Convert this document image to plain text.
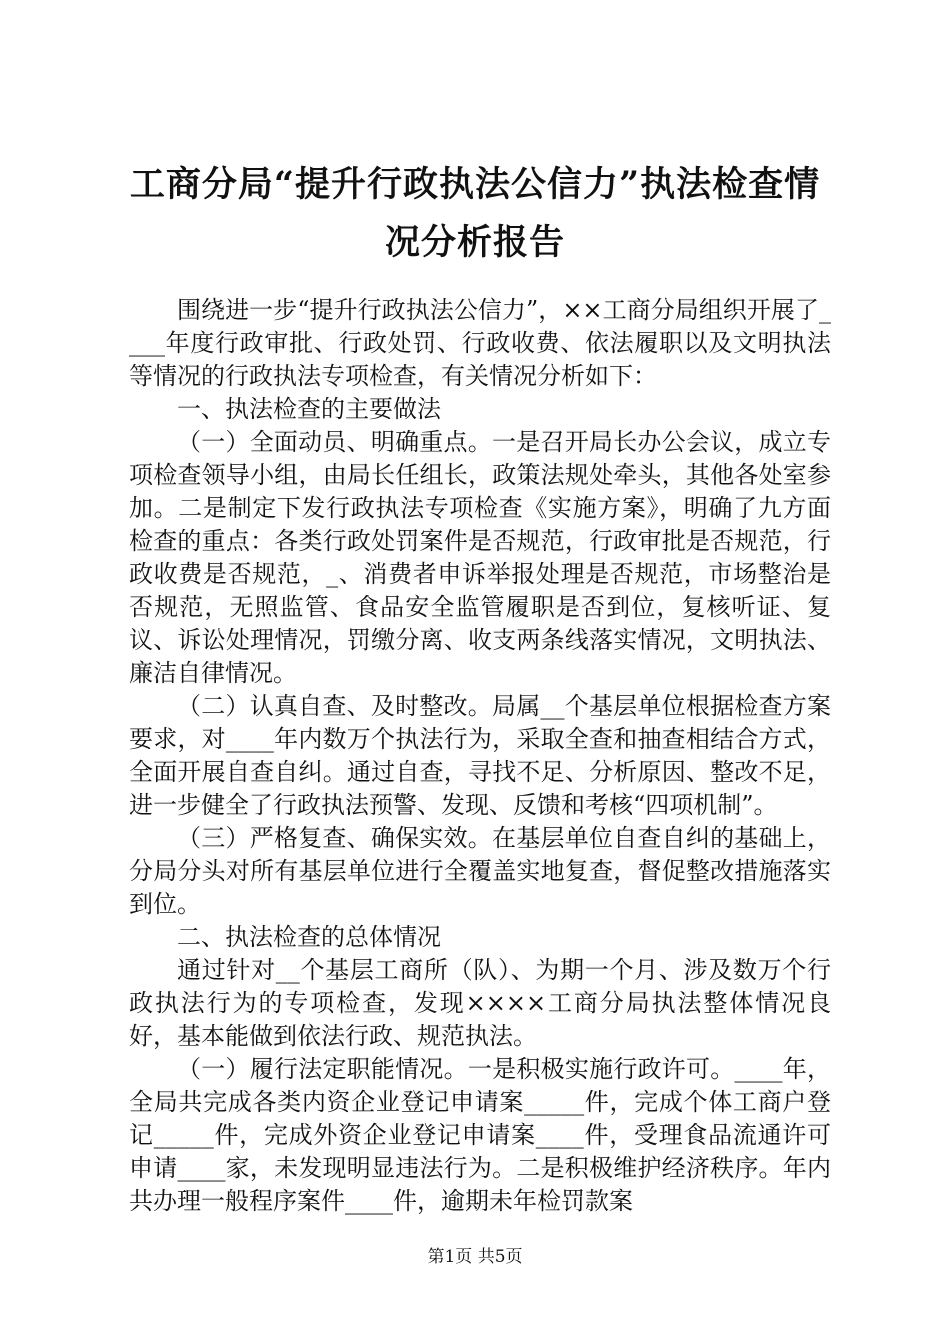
工商分局“提升行政执法公信力”执法检查情
况分析报告

围绕进一步“提升行政执法公信力”，××工商分局组织开展了____年度行政审批、行政处罚、行政收费、依法履职以及文明执法等情况的行政执法专项检查，有关情况分析如下：

一、执法检查的主要做法

（一）全面动员、明确重点。一是召开局长办公会议，成立专项检查领导小组，由局长任组长，政策法规处牵头，其他各处室参加。二是制定下发行政执法专项检查《实施方案》，明确了九方面检查的重点：各类行政处罚案件是否规范，行政审批是否规范，行政收费是否规范，_、消费者申诉举报处理是否规范，市场整治是否规范，无照监管、食品安全监管履职是否到位，复核听证、复议、诉讼处理情况，罚缴分离、收支两条线落实情况，文明执法、廉洁自律情况。

（二）认真自查、及时整改。局属__个基层单位根据检查方案要求，对____年内数万个执法行为，采取全查和抽查相结合方式，全面开展自查自纠。通过自查，寻找不足、分析原因、整改不足，进一步健全了行政执法预警、发现、反馈和考核“四项机制”。

（三）严格复查、确保实效。在基层单位自查自纠的基础上，分局分头对所有基层单位进行全覆盖实地复查，督促整改措施落实到位。

二、执法检查的总体情况

通过针对__个基层工商所（队）、为期一个月、涉及数万个行政执法行为的专项检查，发现××××工商分局执法整体情况良好，基本能做到依法行政、规范执法。

（一）履行法定职能情况。一是积极实施行政许可。____年，全局共完成各类内资企业登记申请案_____件，完成个体工商户登记_____件，完成外资企业登记申请案____件，受理食品流通许可申请____家，未发现明显违法行为。二是积极维护经济秩序。年内共办理一般程序案件____件，逾期未年检罚款案

第1页 共5页
